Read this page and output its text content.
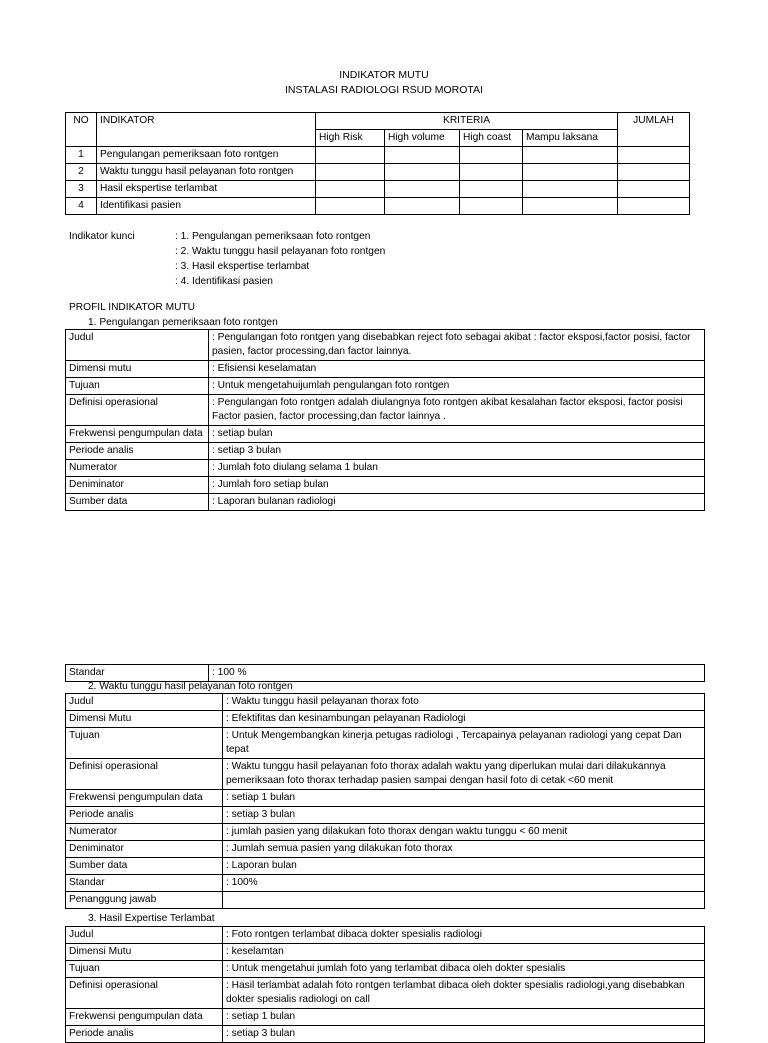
INDIKATOR MUTU
INSTALASI RADIOLOGI RSUD MOROTAI
NO	INDIKATOR	KRITERIA				JUMLAH
		High Risk	High volume	High coast	Mampu laksana	
1	Pengulangan pemeriksaan foto rontgen					
2	Waktu tunggu hasil pelayanan foto rontgen					
3	Hasil ekspertise terlambat					
4	Identifikasi pasien					
Indikator kunci	: 1. Pengulangan pemeriksaan foto rontgen
: 2. Waktu tunggu hasil pelayanan foto rontgen
: 3. Hasil ekspertise terlambat
: 4. Identifikasi pasien
PROFIL INDIKATOR MUTU
1. Pengulangan pemeriksaan foto rontgen
Judul	: Pengulangan foto rontgen yang disebabkan reject foto sebagai akibat : factor eksposi,factor posisi, factor pasien, factor processing,dan factor lainnya.
Dimensi mutu	: Efisiensi keselamatan
Tujuan	: Untuk mengetahuijumlah pengulangan foto rontgen
Definisi operasional	: Pengulangan foto rontgen adalah diulangnya foto rontgen akibat kesalahan factor eksposi, factor posisi
Factor pasien, factor processing,dan factor lainnya .

Frekwensi pengumpulan data	: setiap bulan
Periode analis	: setiap 3 bulan
Numerator	: Jumlah foto diulang selama 1 bulan
Deniminator	: Jumlah foro setiap bulan
Sumber data	: Laporan bulanan radiologi
Standar	: 100 %
2. Waktu tunggu hasil pelayanan foto rontgen
Judul	: Waktu tunggu hasil pelayanan thorax foto
Dimensi Mutu	: Efektifitas dan kesinambungan pelayanan Radiologi
Tujuan	: Untuk Mengembangkan kinerja petugas radiologi , Tercapainya pelayanan radiologi yang cepat Dan tepat
Definisi operasional	: Waktu tunggu hasil pelayanan foto thorax adalah waktu yang diperlukan mulai dari dilakukannya pemeriksaan foto thorax terhadap pasien sampai dengan hasil foto di cetak <60 menit
Frekwensi pengumpulan data	: setiap 1 bulan
Periode analis	: setiap 3 bulan
Numerator	: jumlah pasien yang dilakukan foto thorax dengan waktu tunggu < 60 menit
Deniminator	: Jumlah semua pasien yang dilakukan foto thorax
Sumber data	: Laporan bulan
Standar	: 100%
Penanggung jawab	
3. Hasil Expertise Terlambat
Judul	: Foto rontgen terlambat dibaca dokter spesialis radiologi
Dimensi Mutu	: keselamtan
Tujuan	: Untuk mengetahui jumlah foto yang terlambat dibaca oleh dokter spesialis
Definisi operasional	: Hasil terlambat adalah foto rontgen terlambat dibaca oleh dokter spesialis radiologi,yang disebabkan dokter spesialis radiologi on call
Frekwensi pengumpulan data	: setiap 1 bulan
Periode analis	: setiap 3 bulan
